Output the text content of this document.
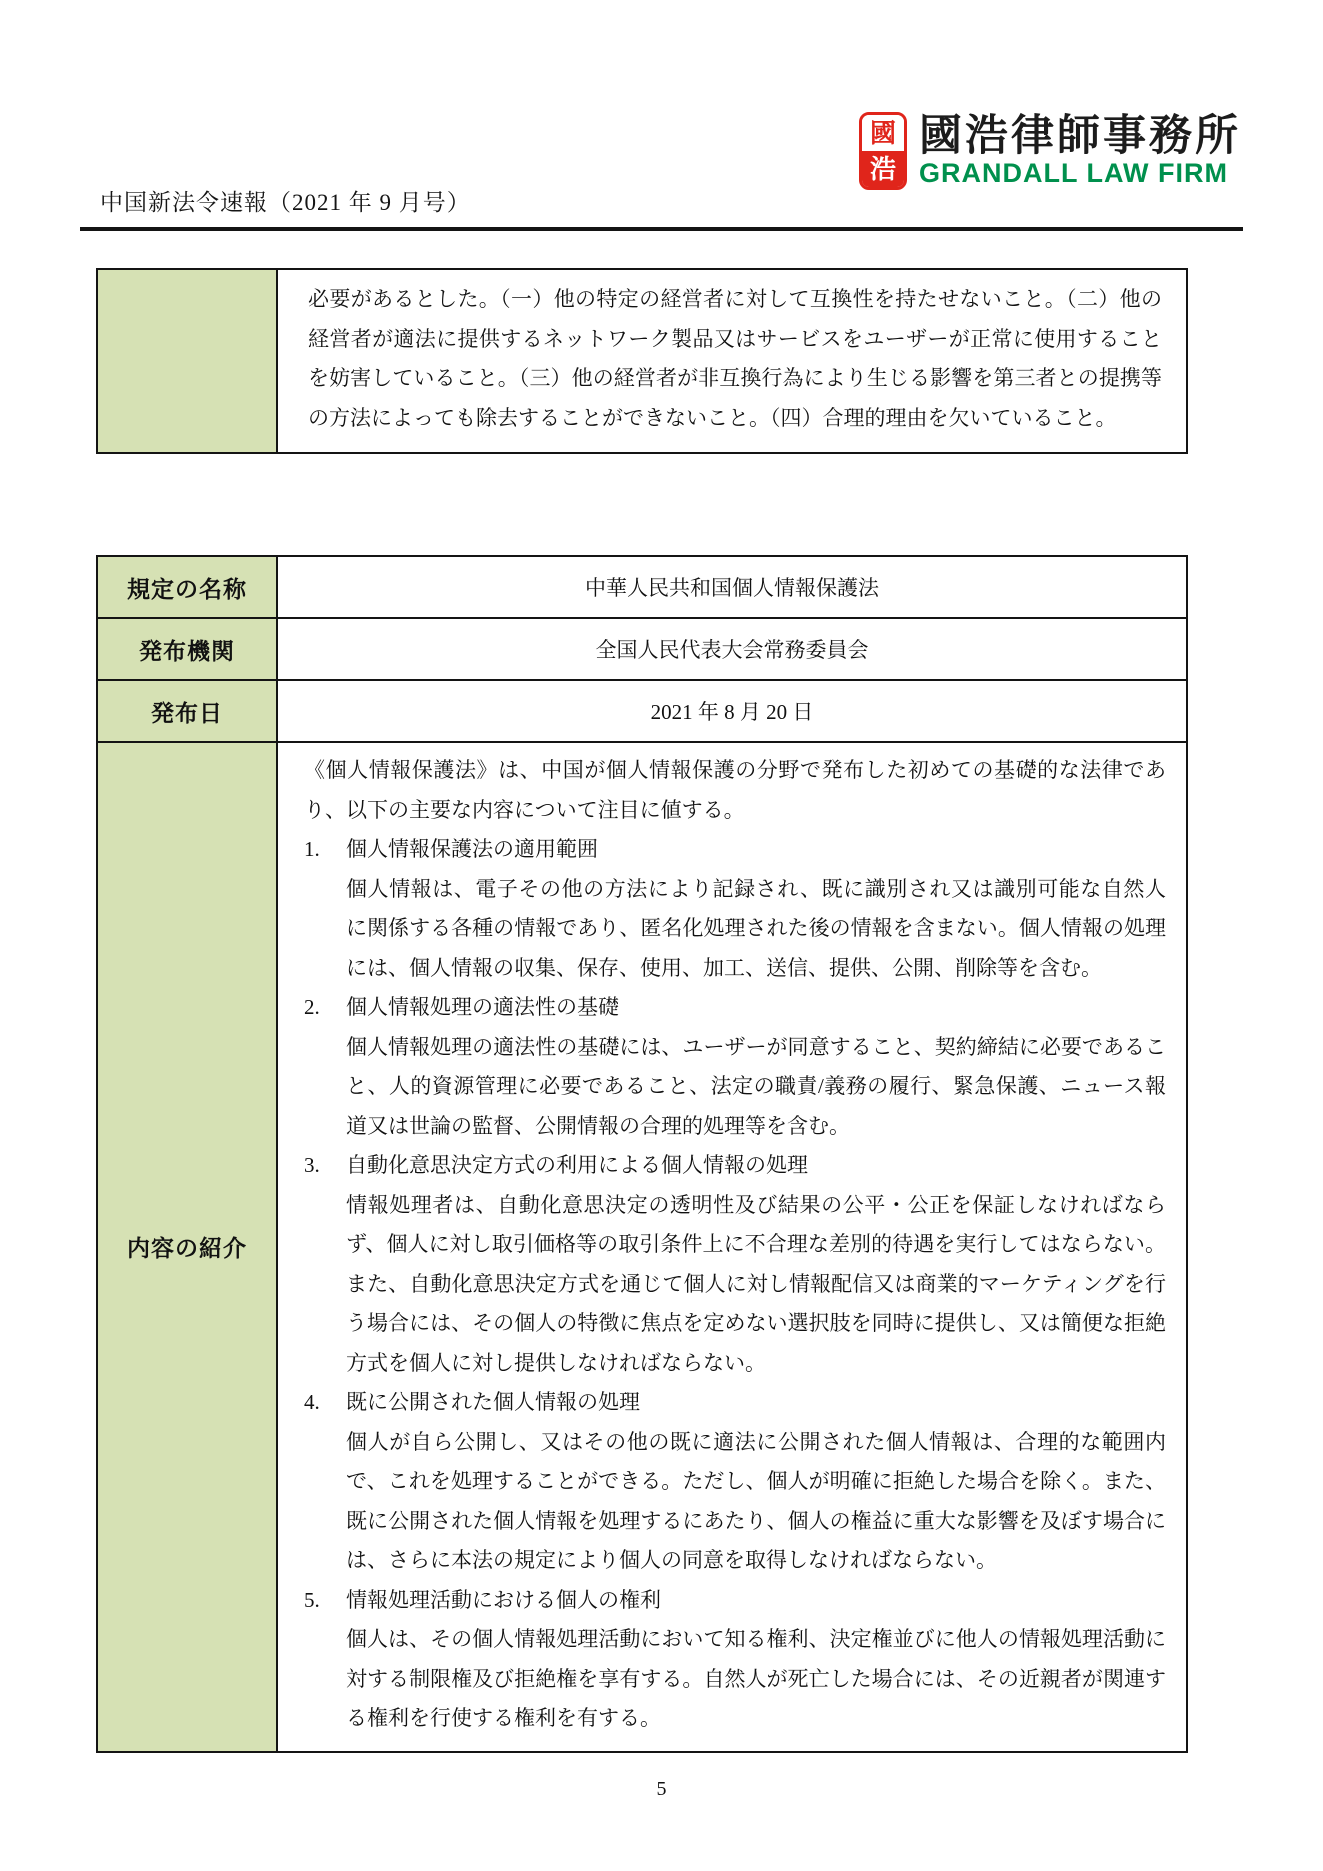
中国新法令速報（2021 年 9 月号）
國
浩
國浩律師事務所
GRANDALL LAW FIRM
必要があるとした。（一）他の特定の経営者に対して互換性を持たせないこと。（二）他の経営者が適法に提供するネットワーク製品又はサービスをユーザーが正常に使用することを妨害していること。（三）他の経営者が非互換行為により生じる影響を第三者との提携等の方法によっても除去することができないこと。（四）合理的理由を欠いていること。
規定の名称	中華人民共和国個人情報保護法
発布機関	全国人民代表大会常務委員会
発布日	2021 年 8 月 20 日
内容の紹介

《個人情報保護法》は、中国が個人情報保護の分野で発布した初めての基礎的な法律であり、以下の主要な内容について注目に値する。

1.	個人情報保護法の適用範囲
個人情報は、電子その他の方法により記録され、既に識別され又は識別可能な自然人に関係する各種の情報であり、匿名化処理された後の情報を含まない。個人情報の処理には、個人情報の収集、保存、使用、加工、送信、提供、公開、削除等を含む。
2.	個人情報処理の適法性の基礎
個人情報処理の適法性の基礎には、ユーザーが同意すること、契約締結に必要であること、人的資源管理に必要であること、法定の職責/義務の履行、緊急保護、ニュース報道又は世論の監督、公開情報の合理的処理等を含む。
3.	自動化意思決定方式の利用による個人情報の処理
情報処理者は、自動化意思決定の透明性及び結果の公平・公正を保証しなければならず、個人に対し取引価格等の取引条件上に不合理な差別的待遇を実行してはならない。また、自動化意思決定方式を通じて個人に対し情報配信又は商業的マーケティングを行う場合には、その個人の特徴に焦点を定めない選択肢を同時に提供し、又は簡便な拒絶方式を個人に対し提供しなければならない。
4.	既に公開された個人情報の処理
個人が自ら公開し、又はその他の既に適法に公開された個人情報は、合理的な範囲内で、これを処理することができる。ただし、個人が明確に拒絶した場合を除く。また、既に公開された個人情報を処理するにあたり、個人の権益に重大な影響を及ぼす場合には、さらに本法の規定により個人の同意を取得しなければならない。
5.	情報処理活動における個人の権利
個人は、その個人情報処理活動において知る権利、決定権並びに他人の情報処理活動に対する制限権及び拒絶権を享有する。自然人が死亡した場合には、その近親者が関連する権利を行使する権利を有する。
5
